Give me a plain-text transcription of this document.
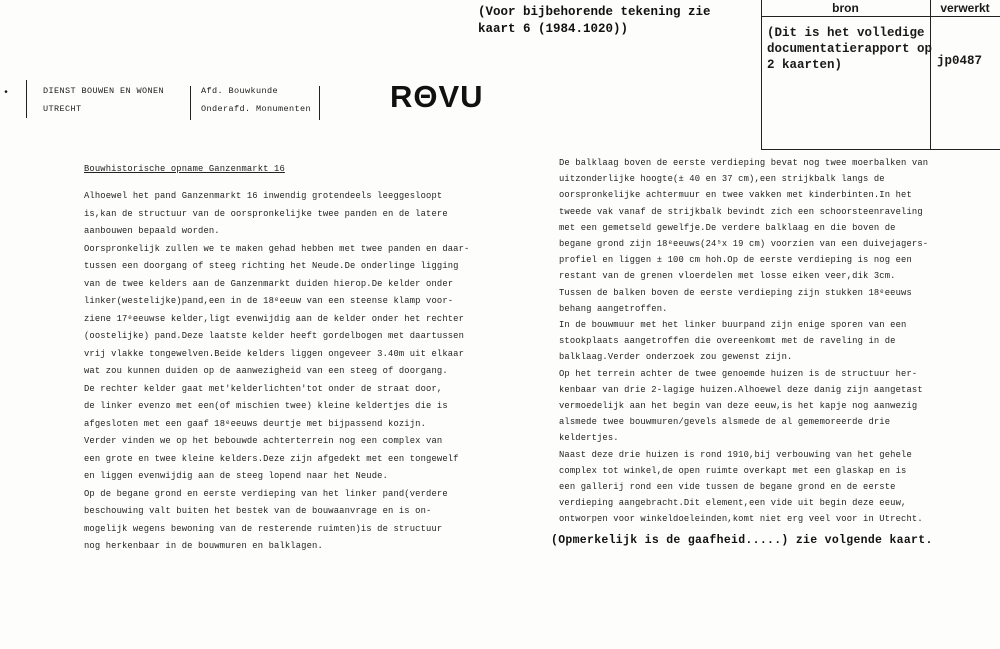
(Voor bijbehorende tekening zie
kaart 6 (1984.1020))
bron	verwerkt
(Dit is het volledige
documentatierapport op
2 kaarten)	jp0487
•	DIENST BOUWEN EN WONEN
UTRECHT
Afd. Bouwkunde
Onderafd. Monumenten	RΘVU
Bouwhistorische opname Ganzenmarkt 16
Alhoewel het pand Ganzenmarkt 16 inwendig grotendeels leeggesloopt
is,kan de structuur van de oorspronkelijke twee panden en de latere
aanbouwen bepaald worden.
Oorspronkelijk zullen we te maken gehad hebben met twee panden en daar-
tussen een doorgang of steeg richting het Neude.De onderlinge ligging
van de twee kelders aan de Ganzenmarkt duiden hierop.De kelder onder
linker(westelijke)pand,een in de 18ᵉeeuw van een steense klamp voor-
ziene 17ᵉeeuwse kelder,ligt evenwijdig aan de kelder onder het rechter
(oostelijke) pand.Deze laatste kelder heeft gordelbogen met daartussen
vrij vlakke tongewelven.Beide kelders liggen ongeveer 3.40m uit elkaar
wat zou kunnen duiden op de aanwezigheid van een steeg of doorgang.
De rechter kelder gaat met'kelderlichten'tot onder de straat door,
de linker evenzo met een(of mischien twee) kleine keldertjes die is
afgesloten met een gaaf 18ᵉeeuws deurtje met bijpassend kozijn.
Verder vinden we op het bebouwde achterterrein nog een complex van
een grote en twee kleine kelders.Deze zijn afgedekt met een tongewelf
en liggen evenwijdig aan de steeg lopend naar het Neude.
Op de begane grond en eerste verdieping van het linker pand(verdere
beschouwing valt buiten het bestek van de bouwaanvrage en is on-
mogelijk wegens bewoning van de resterende ruimten)is de structuur
nog herkenbaar in de bouwmuren en balklagen.
De balklaag boven de eerste verdieping bevat nog twee moerbalken van
uitzonderlijke hoogte(± 40 en 37 cm),een strijkbalk langs de
oorspronkelijke achtermuur en twee vakken met kinderbinten.In het
tweede vak vanaf de strijkbalk bevindt zich een schoorsteenraveling
met een gemetseld gewelfje.De verdere balklaag en die boven de
begane grond zijn 18ᵉeeuws(24⁵x 19 cm) voorzien van een duivejagers-
profiel en liggen ± 100 cm hoh.Op de eerste verdieping is nog een
restant van de grenen vloerdelen met losse eiken veer,dik 3cm.
Tussen de balken boven de eerste verdieping zijn stukken 18ᵉeeuws
behang aangetroffen.
In de bouwmuur met het linker buurpand zijn enige sporen van een
stookplaats aangetroffen die overeenkomt met de raveling in de
balklaag.Verder onderzoek zou gewenst zijn.
Op het terrein achter de twee genoemde huizen is de structuur her-
kenbaar van drie 2-lagige huizen.Alhoewel deze danig zijn aangetast
vermoedelijk aan het begin van deze eeuw,is het kapje nog aanwezig
alsmede twee bouwmuren/gevels alsmede de al gememoreerde drie
keldertjes.
Naast deze drie huizen is rond 1910,bij verbouwing van het gehele
complex tot winkel,de open ruimte overkapt met een glaskap en is
een gallerij rond een vide tussen de begane grond en de eerste
verdieping aangebracht.Dit element,een vide uit begin deze eeuw,
ontworpen voor winkeldoeleinden,komt niet erg veel voor in Utrecht.
(Opmerkelijk is de gaafheid.....) zie volgende kaart.
